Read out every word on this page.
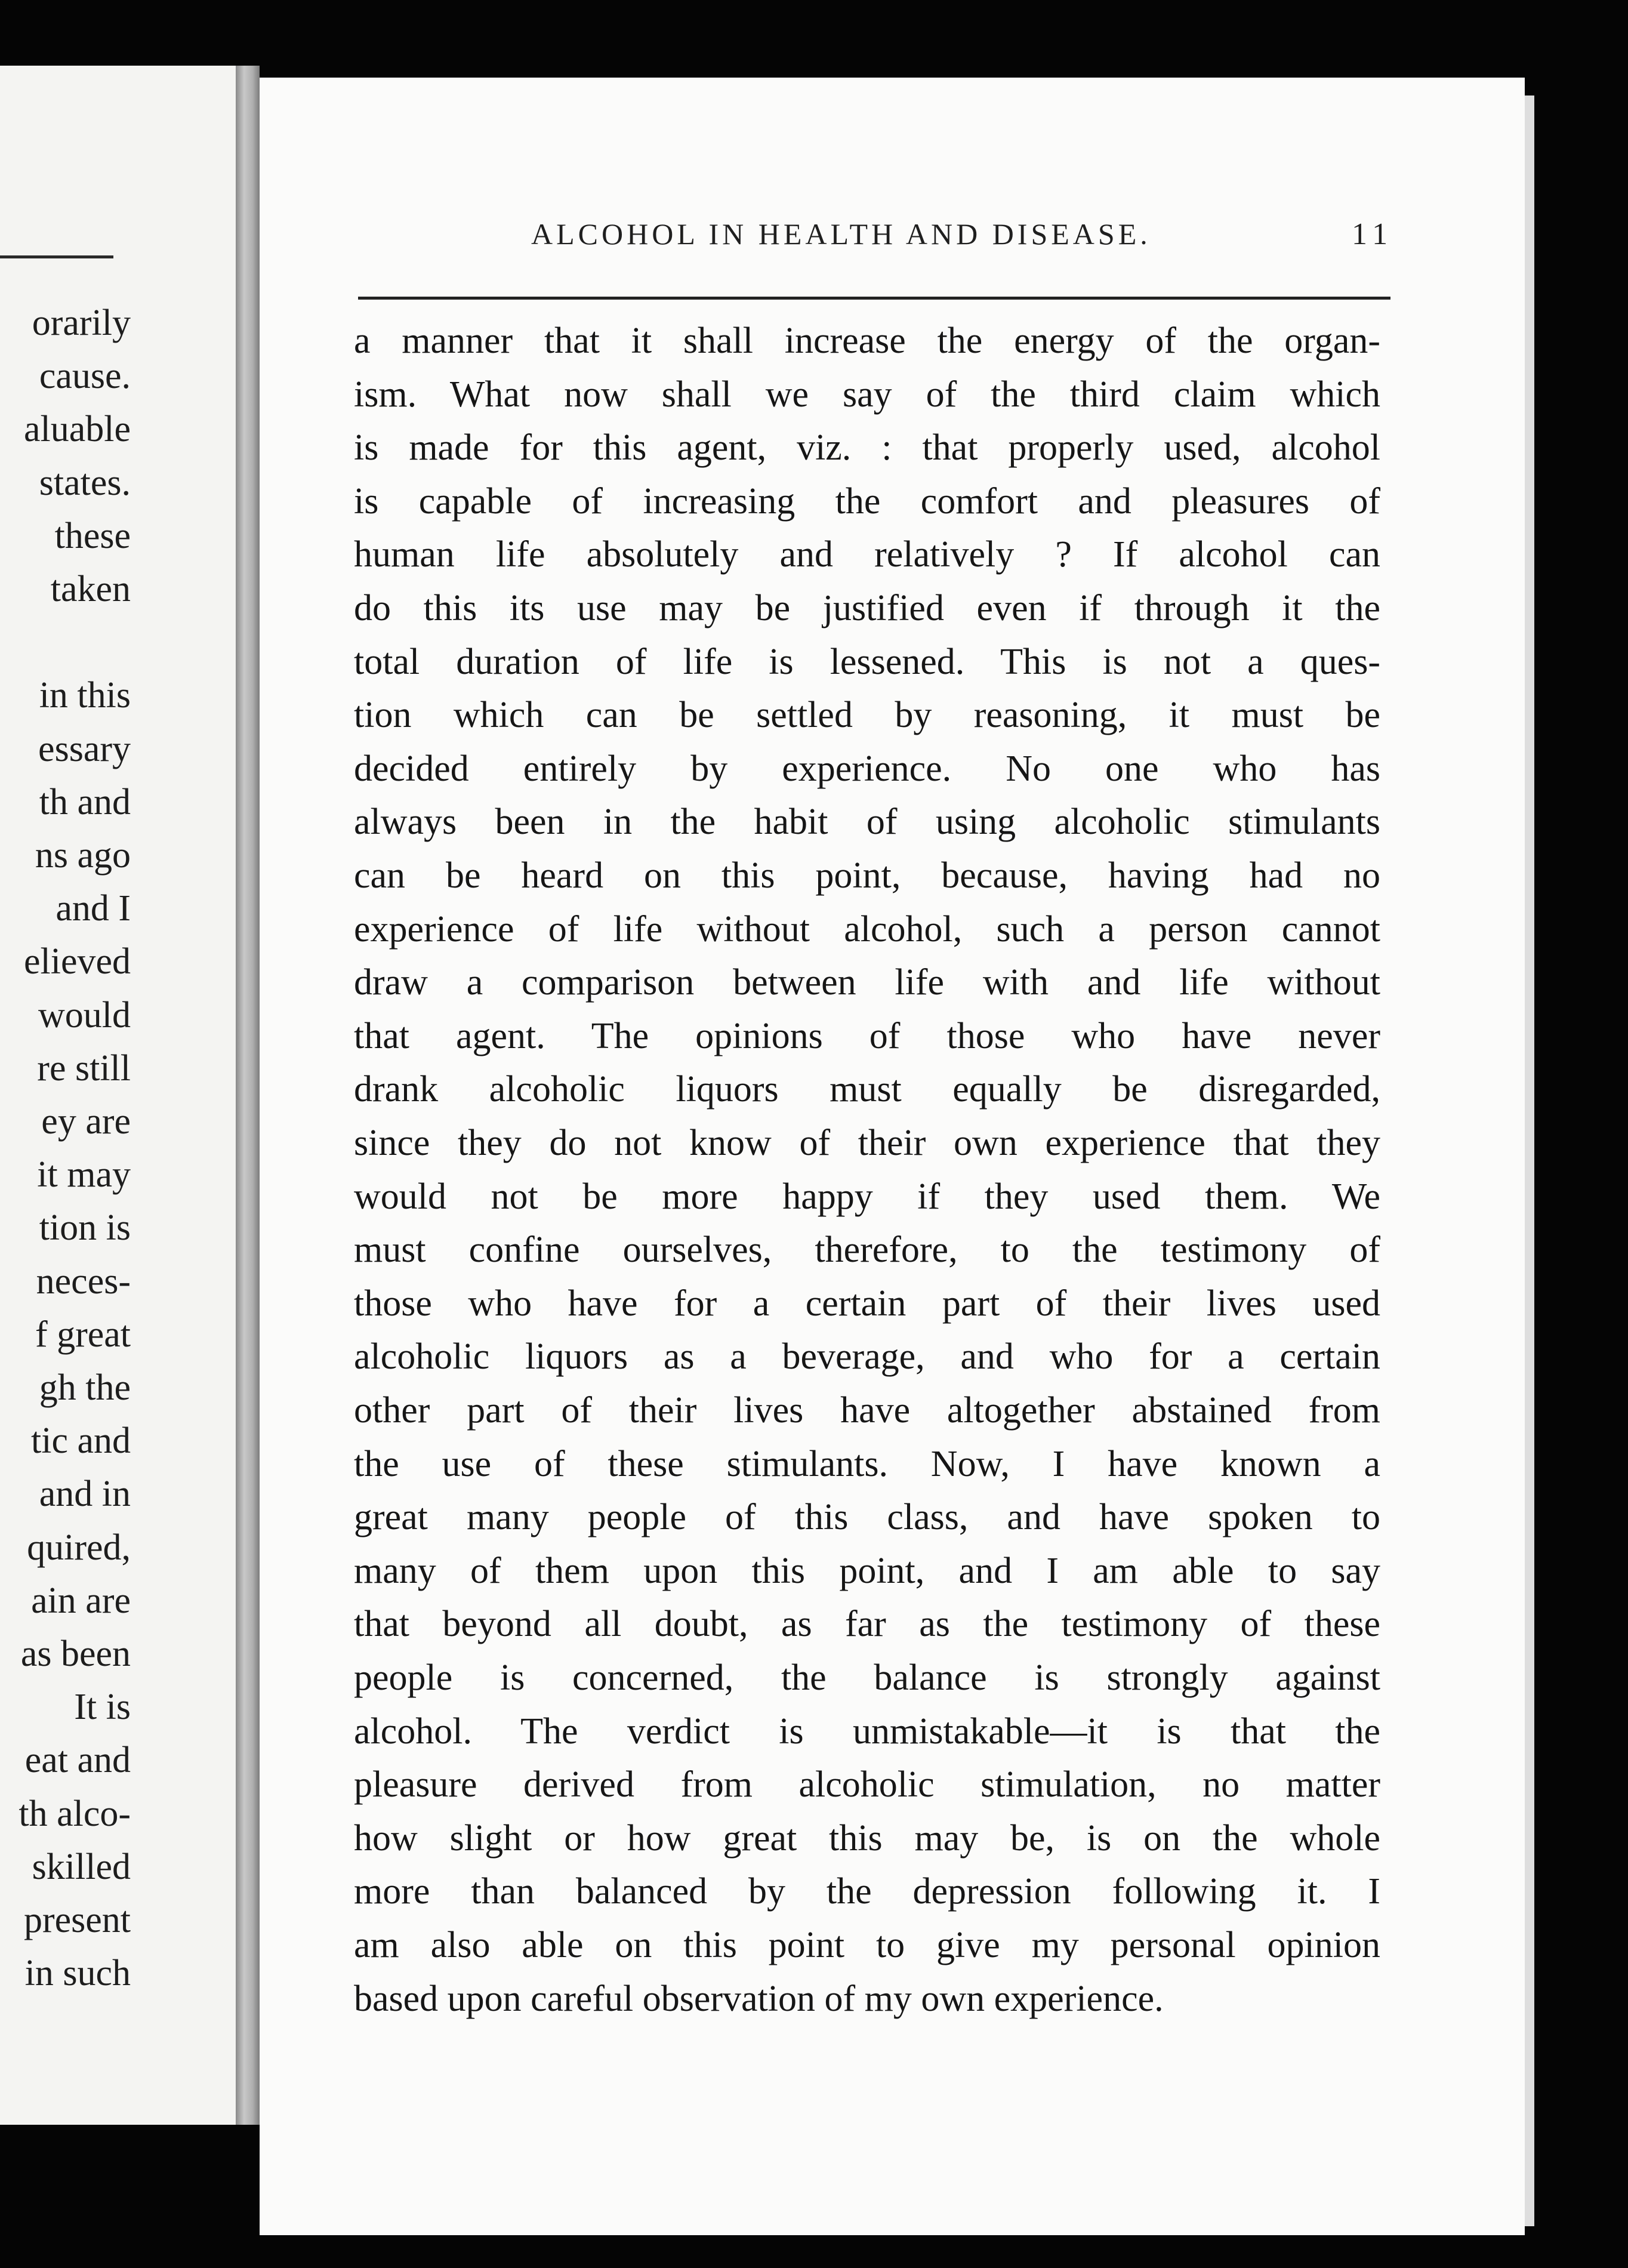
orarily
cause.
aluable
states.
these
taken
in this
essary
th and
ns ago
and I
elieved
would
re still
ey are
it may
tion is
neces-
f great
gh the
tic and
and in
quired,
ain are
as been
It is
eat and
th alco-
skilled
present
in such
ALCOHOL IN HEALTH AND DISEASE.	11
a manner that it shall increase the energy of the organ-
ism. What now shall we say of the third claim which
is made for this agent, viz. : that properly used, alcohol
is capable of increasing the comfort and pleasures of
human life absolutely and relatively ? If alcohol can
do this its use may be justified even if through it the
total duration of life is lessened. This is not a ques-
tion which can be settled by reasoning, it must be
decided entirely by experience. No one who has
always been in the habit of using alcoholic stimulants
can be heard on this point, because, having had no
experience of life without alcohol, such a person cannot
draw a comparison between life with and life without
that agent. The opinions of those who have never
drank alcoholic liquors must equally be disregarded,
since they do not know of their own experience that they
would not be more happy if they used them. We
must confine ourselves, therefore, to the testimony of
those who have for a certain part of their lives used
alcoholic liquors as a beverage, and who for a certain
other part of their lives have altogether abstained from
the use of these stimulants. Now, I have known a
great many people of this class, and have spoken to
many of them upon this point, and I am able to say
that beyond all doubt, as far as the testimony of these
people is concerned, the balance is strongly against
alcohol. The verdict is unmistakable—it is that the
pleasure derived from alcoholic stimulation, no matter
how slight or how great this may be, is on the whole
more than balanced by the depression following it. I
am also able on this point to give my personal opinion
based upon careful observation of my own experience.
